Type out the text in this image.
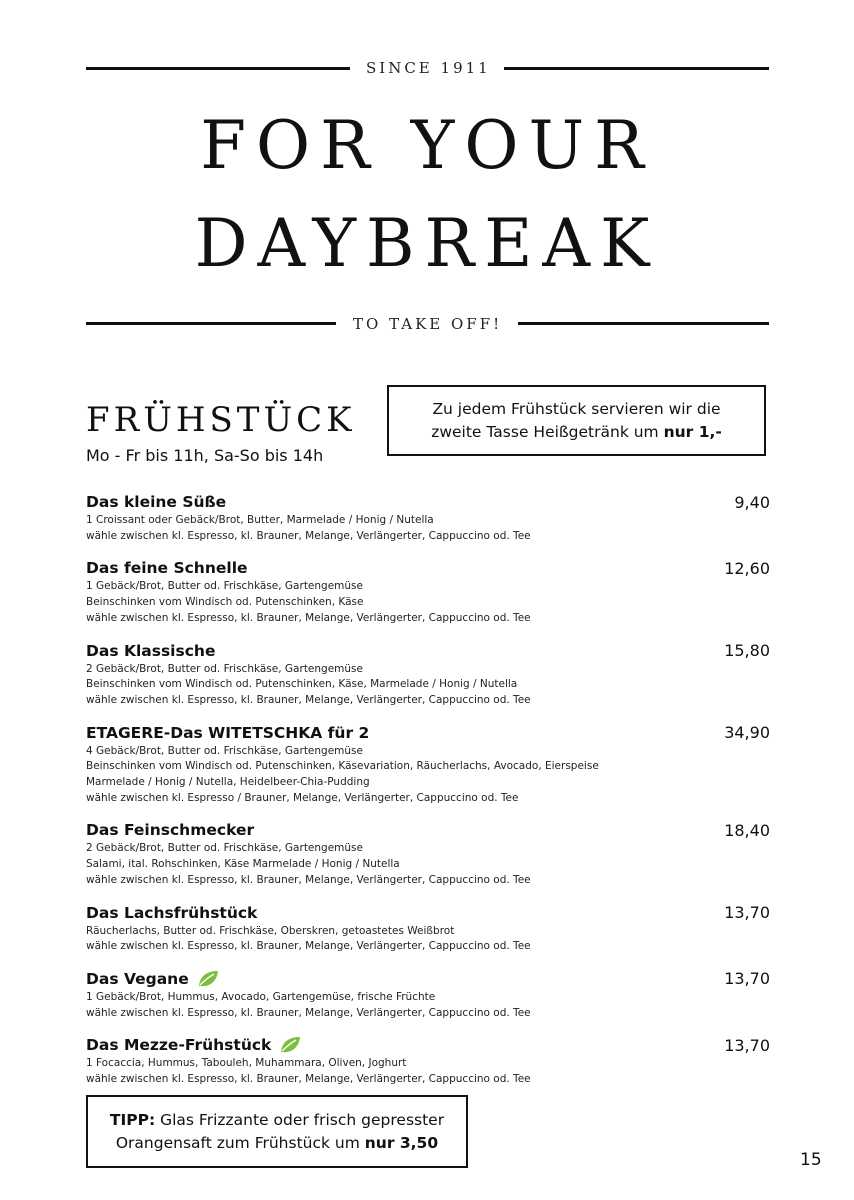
SINCE 1911
FOR YOUR
DAYBREAK
TO TAKE OFF!
FRÜHSTÜCK
Mo - Fr bis 11h, Sa-So bis 14h
Zu jedem Frühstück servieren wir die
zweite Tasse Heißgetränk um nur 1,-
Das kleine Süße	9,40
1 Croissant oder Gebäck/Brot, Butter, Marmelade / Honig / Nutella
wähle zwischen kl. Espresso, kl. Brauner, Melange, Verlängerter, Cappuccino od. Tee
Das feine Schnelle	12,60
1 Gebäck/Brot, Butter od. Frischkäse, Gartengemüse
Beinschinken vom Windisch od. Putenschinken, Käse
wähle zwischen kl. Espresso, kl. Brauner, Melange, Verlängerter, Cappuccino od. Tee
Das Klassische	15,80
2 Gebäck/Brot, Butter od. Frischkäse, Gartengemüse
Beinschinken vom Windisch od. Putenschinken, Käse, Marmelade / Honig / Nutella
wähle zwischen kl. Espresso, kl. Brauner, Melange, Verlängerter, Cappuccino od. Tee
ETAGERE-Das WITETSCHKA für 2	34,90
4 Gebäck/Brot, Butter od. Frischkäse, Gartengemüse
Beinschinken vom Windisch od. Putenschinken, Käsevariation, Räucherlachs, Avocado, Eierspeise
Marmelade / Honig / Nutella, Heidelbeer-Chia-Pudding
wähle zwischen kl. Espresso / Brauner, Melange, Verlängerter, Cappuccino od. Tee
Das Feinschmecker	18,40
2 Gebäck/Brot, Butter od. Frischkäse, Gartengemüse
Salami, ital. Rohschinken, Käse Marmelade / Honig / Nutella
wähle zwischen kl. Espresso, kl. Brauner, Melange, Verlängerter, Cappuccino od. Tee
Das Lachsfrühstück	13,70
Räucherlachs, Butter od. Frischkäse, Oberskren, getoastetes Weißbrot
wähle zwischen kl. Espresso, kl. Brauner, Melange, Verlängerter, Cappuccino od. Tee
Das Vegane	13,70
1 Gebäck/Brot, Hummus, Avocado, Gartengemüse, frische Früchte
wähle zwischen kl. Espresso, kl. Brauner, Melange, Verlängerter, Cappuccino od. Tee
Das Mezze-Frühstück	13,70
1 Focaccia, Hummus, Tabouleh, Muhammara, Oliven, Joghurt
wähle zwischen kl. Espresso, kl. Brauner, Melange, Verlängerter, Cappuccino od. Tee
TIPP: Glas Frizzante oder frisch gepresster
Orangensaft zum Frühstück um nur 3,50
15
